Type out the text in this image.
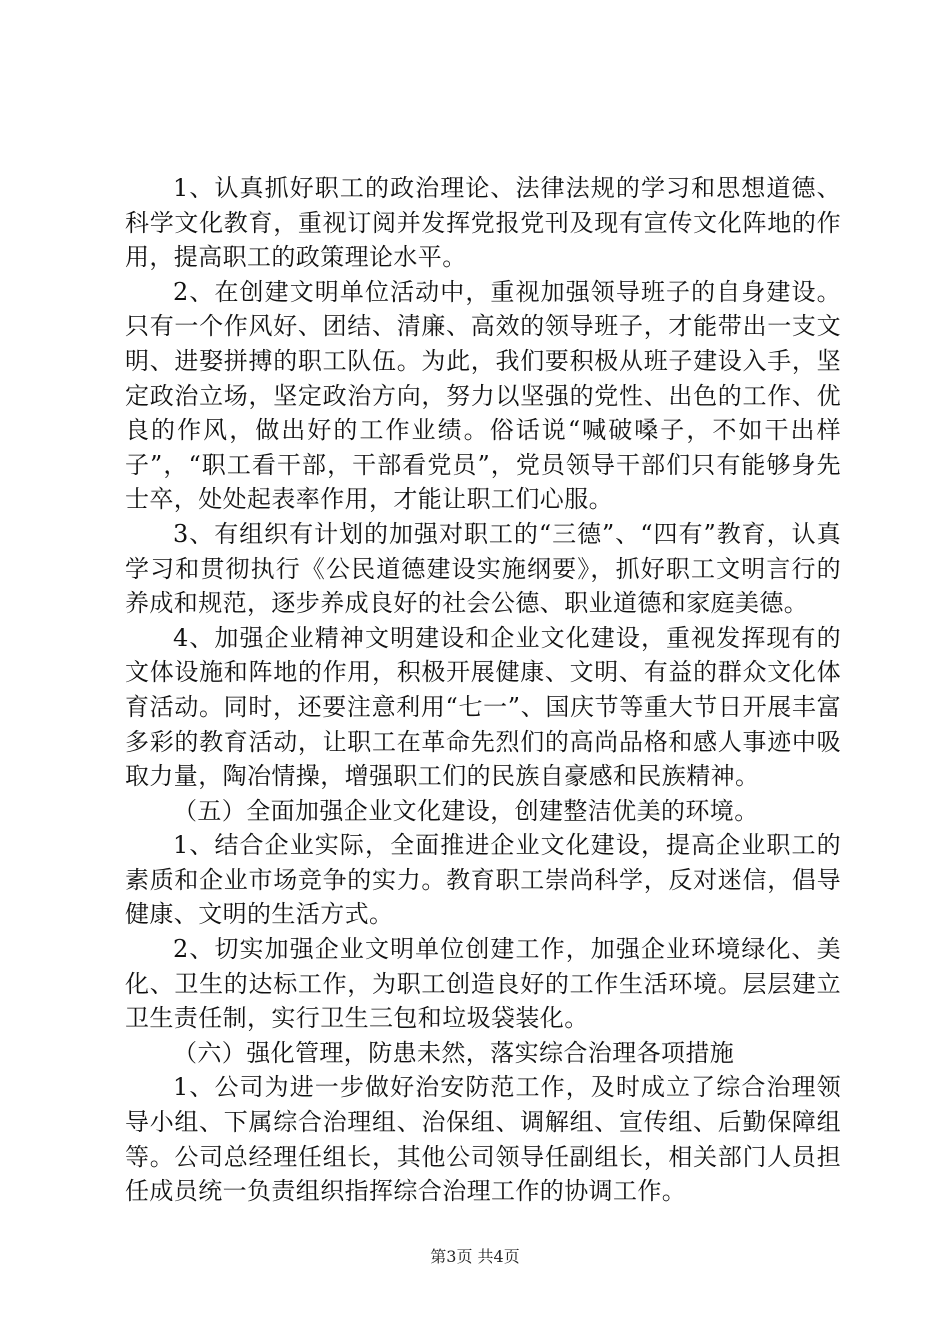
1、认真抓好职工的政治理论、法律法规的学习和思想道德、科学文化教育，重视订阅并发挥党报党刊及现有宣传文化阵地的作用，提高职工的政策理论水平。

2、在创建文明单位活动中，重视加强领导班子的自身建设。只有一个作风好、团结、清廉、高效的领导班子，才能带出一支文明、进娶拼搏的职工队伍。为此，我们要积极从班子建设入手，坚定政治立场，坚定政治方向，努力以坚强的党性、出色的工作、优良的作风，做出好的工作业绩。俗话说“喊破嗓子，不如干出样子”，“职工看干部，干部看党员”，党员领导干部们只有能够身先士卒，处处起表率作用，才能让职工们心服。

3、有组织有计划的加强对职工的“三德”、“四有”教育，认真学习和贯彻执行《公民道德建设实施纲要》，抓好职工文明言行的养成和规范，逐步养成良好的社会公德、职业道德和家庭美德。

4、加强企业精神文明建设和企业文化建设，重视发挥现有的文体设施和阵地的作用，积极开展健康、文明、有益的群众文化体育活动。同时，还要注意利用“七一”、国庆节等重大节日开展丰富多彩的教育活动，让职工在革命先烈们的高尚品格和感人事迹中吸取力量，陶冶情操，增强职工们的民族自豪感和民族精神。

（五）全面加强企业文化建设，创建整洁优美的环境。

1、结合企业实际，全面推进企业文化建设，提高企业职工的素质和企业市场竞争的实力。教育职工崇尚科学，反对迷信，倡导健康、文明的生活方式。

2、切实加强企业文明单位创建工作，加强企业环境绿化、美化、卫生的达标工作，为职工创造良好的工作生活环境。层层建立卫生责任制，实行卫生三包和垃圾袋装化。

（六）强化管理，防患未然，落实综合治理各项措施

1、公司为进一步做好治安防范工作，及时成立了综合治理领导小组、下属综合治理组、治保组、调解组、宣传组、后勤保障组等。公司总经理任组长，其他公司领导任副组长，相关部门人员担任成员统一负责组织指挥综合治理工作的协调工作。

第3页 共4页
